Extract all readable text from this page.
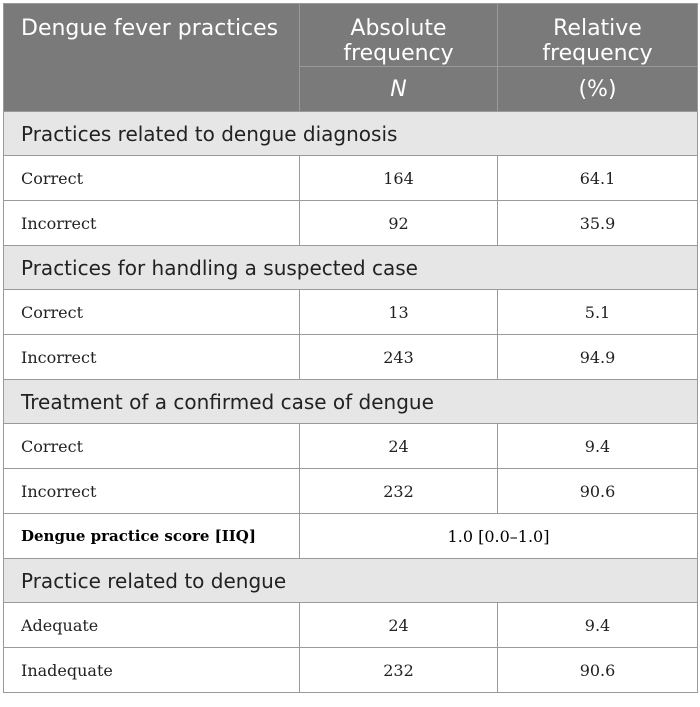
Dengue fever practices	Absolute frequency	Relative frequency
	N	(%)
Practices related to dengue diagnosis		
Correct	164	64.1
Incorrect	92	35.9
Practices for handling a suspected case		
Correct	13	5.1
Incorrect	243	94.9
Treatment of a confirmed case of dengue		
Correct	24	9.4
Incorrect	232	90.6
Dengue practice score [IIQ]	1.0 [0.0–1.0]	
Practice related to dengue		
Adequate	24	9.4
Inadequate	232	90.6
